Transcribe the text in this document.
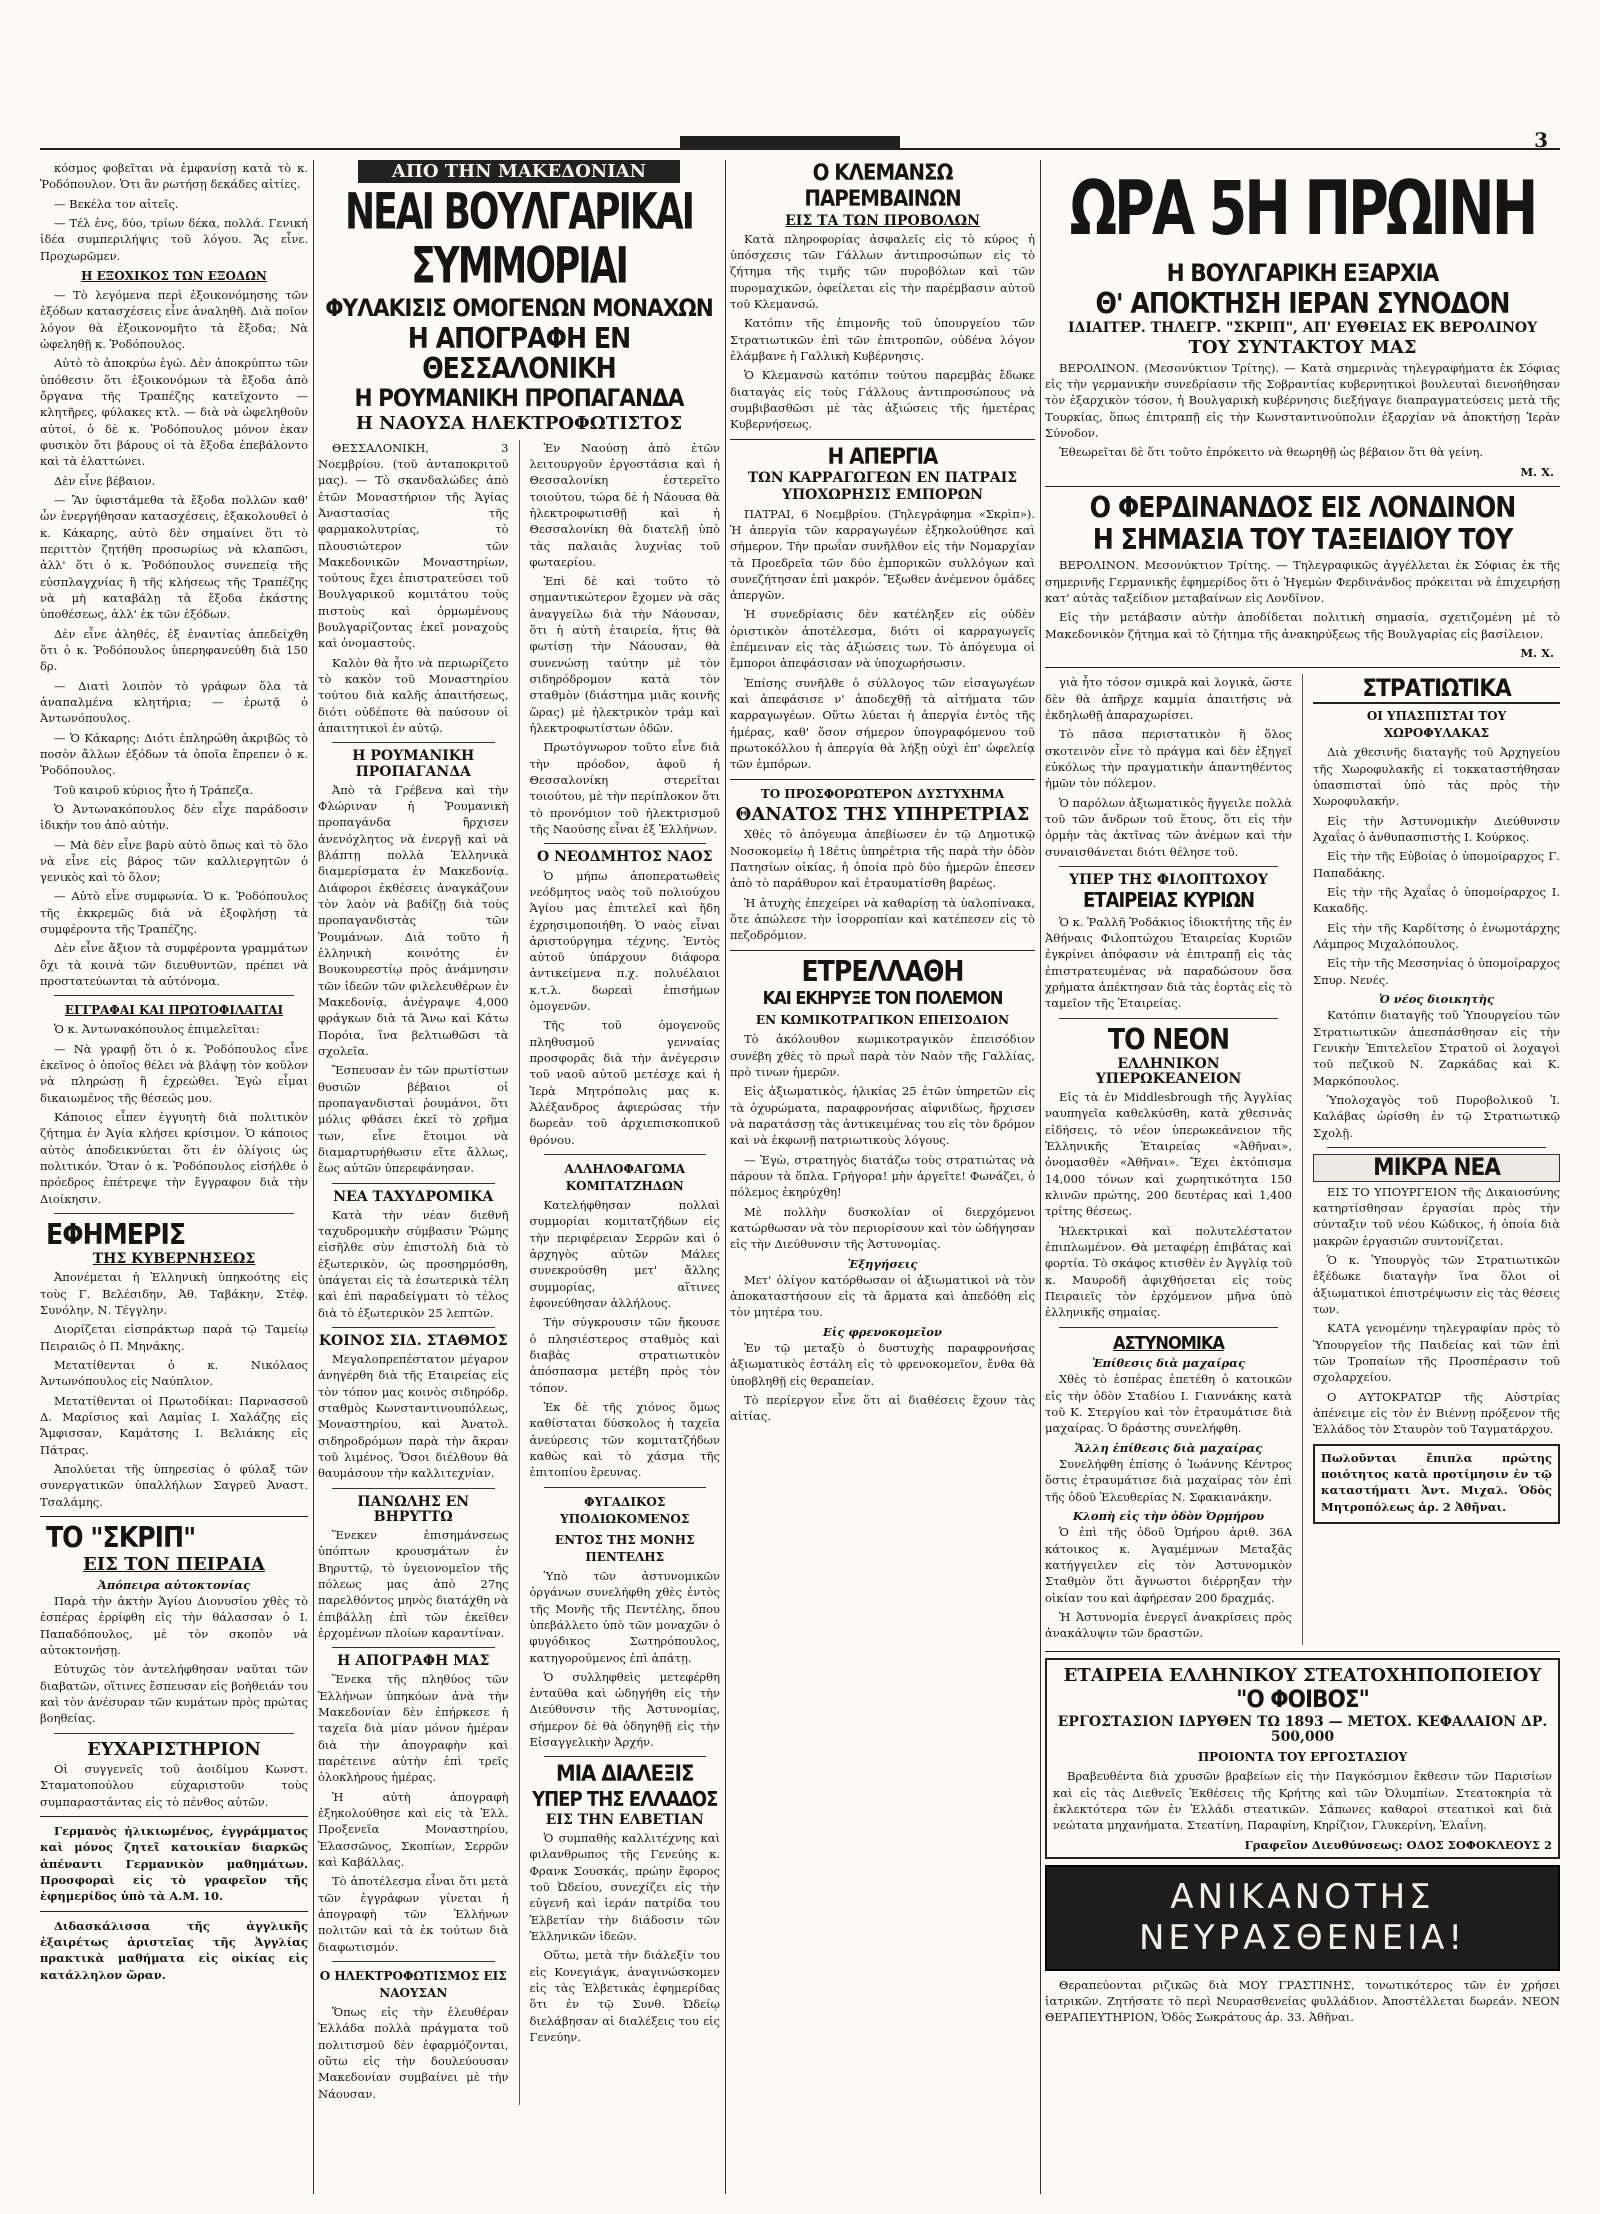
3

κόσμος φοβεῖται νὰ ἐμφανίσῃ κατὰ τὸ κ. Ῥοδόπουλον. Ὁτι ἂν ρωτήσῃ δεκάδες αἰτίες.

— Βεκέλα τον αἰτεῖς.

— Τέλ ἐνς, δύο, τρίων δέκα, πολλά. Γενική ἰδέα συμπεριλήψις τοῦ λόγου. Ἄς εἶνε. Προχωρῶμεν.

Η ΕΞΟΧΙΚΟΣ ΤΩΝ ΕΞΟΔΩΝ

— Τὸ λεγόμενα περὶ ἐξοικονόμησης τῶν ἐξόδων κατασχέσεις εἶνε ἀναληθῆ. Διὰ ποῖον λόγον θὰ ἐξοικονομῆτο τὰ ἔξοδα; Νὰ ὠφεληθῇ κ. Ῥοδόπουλος.

Αὐτὸ τὸ ἀποκρύω ἐγώ. Δὲν ἀποκρύπτω τῶν ὑπόθεσιν ὅτι ἐξοικονόμων τὰ ἔξοδα ἀπὸ ὄργανα τῆς Τραπέζης κατεῖχοντο — κλητῆρες, φύλακες κτλ. — διὰ νὰ ὠφεληθοῦν αὐτοί, ὁ δὲ κ. Ῥοδόπουλος μόνον ἐκαν φυσικὸν ὅτι βάρους οἱ τὰ ἔξοδα ἐπεβάλοντο καὶ τὰ ἐλαττώνει.

Δὲν εἶνε βέβαιον.

— Ἂν ὑφιστάμεθα τὰ ἔξοδα πολλῶν καθ' ὧν ἐνεργήθησαν κατασχέσεις, ἐξακολουθεῖ ὁ κ. Κάκαρης, αὐτὸ δὲν σημαίνει ὅτι τὸ περιττὸν ζητήθη προσωρίως νὰ κλαπῶσι, ἀλλ' ὅτι ὁ κ. Ῥοδόπουλος συνεπείᾳ τῆς εὐσπλαγχνίας ἢ τῆς κλήσεως τῆς Τραπέζης νὰ μὴ καταβάλῃ τὰ ἔξοδα ἐκάστης ὑποθέσεως, ἀλλ' ἐκ τῶν ἐξόδων.

Δὲν εἶνε ἀληθές, ἐξ ἐναντίας ἀπεδείχθη ὅτι ὁ κ. Ῥοδόπουλος ὑπερηφανεύθη διὰ 150 δρ.

— Διατὶ λοιπὸν τὸ γράφων ὅλα τὰ ἀναπαλμένα κλητήρια; — ἐρωτᾷ ὁ Ἀντωνόπουλος.

— Ὁ Κάκαρης: Διότι ἐπληρώθη ἀκριβῶς τὸ ποσὸν ἄλλων ἐξόδων τὰ ὁποῖα ἔπρεπεν ὁ κ. Ῥοδόπουλος.

Τοῦ καιροῦ κύριος ἦτο ἡ Τράπεζα.

Ὁ Ἀντωνακόπουλος δὲν εἶχε παράδοσιν ἰδικήν του ἀπὸ αὐτήν.

— Μὰ δὲν εἶνε βαρὺ αὐτὸ ὅπως καὶ τὸ ὅλο νὰ εἶνε εἰς βάρος τῶν καλλιεργητῶν ὁ γενικὸς καὶ τὸ ὅλον;

— Αὐτὸ εἶνε συμφωνία. Ὁ κ. Ῥοδόπουλος τῆς ἐκκρεμῶς διὰ νὰ ἐξοφλήσῃ τὰ συμφέροντα τῆς Τραπέζης.

Δὲν εἶνε ἄξιον τὰ συμφέροντα γραμμάτων ὄχι τὰ κοινὰ τῶν διευθυντῶν, πρέπει νὰ προστατεύωνται τὰ αὐτόνομα.

ΕΓΓΡΑΦΑΙ ΚΑΙ ΠΡΩΤΟΦΙΛΑΙΤΑΙ

Ὁ κ. Ἀντωνακόπουλος ἐπιμελεῖται:

— Νὰ γραφῇ ὅτι ὁ κ. Ῥοδόπουλος εἶνε ἐκεῖνος ὁ ὁποῖος θέλει νὰ βλάψῃ τὸν κοῦλον νὰ πληρώσῃ ἢ ἐχρεώθει. Ἐγὼ εἶμαι δικαιωμένος τῆς θέσεώς μου.

Κάποιος εἶπεν ἐγγυητὴ διὰ πολιτικὸν ζήτημα ἐν Ἀγία κλήσει κρίσιμον. Ὁ κάποιος αὐτὸς ἀποδεικνύεται ὅτι ἐν ὀλίγοις ὡς πολιτικόν. Ὅταν ὁ κ. Ῥοδόπουλος εἰσήλθε ὁ πρόεδρος ἐπέτρεψε τὴν ἔγγραφον διὰ τὴν Διοίκησιν.

ΕΦΗΜΕΡΙΣ
ΤΗΣ ΚΥΒΕΡΝΗΣΕΩΣ

Ἀπονέμεται ἡ Ἑλληνικὴ ὑπηκοότης εἰς τοὺς Γ. Βελέσιδην, Ἀθ. Ταβάκην, Στέφ. Συνόλην, Ν. Τέγγλην.

Διορίζεται εἰσπράκτωρ παρὰ τῷ Ταμείῳ Πειραιῶς ὁ Π. Μηνάκης.

Μετατίθενται ὁ κ. Νικόλαος Ἀντωνόπουλος εἰς Ναύπλιον.

Μετατίθενται οἱ Πρωτοδίκαι: Παρνασσοῦ Δ. Μαρίσιος καὶ Λαμίας Ι. Χαλάζης εἰς Ἄμφισσαν, Καμάτσης Ι. Βελιάκης εἰς Πάτρας.

Ἀπολύεται τῆς ὑπηρεσίας ὁ φύλαξ τῶν συνεργατικῶν ὑπαλλήλων Σαγρεῦ Ἀναστ. Τσαλάμης.

ΤΟ "ΣΚΡΙΠ"
ΕΙΣ ΤΟΝ ΠΕΙΡΑΙΑ
Ἀπόπειρα αὐτοκτονίας

Παρὰ τὴν ἀκτὴν Ἁγίου Διονυσίου χθὲς τὸ ἑσπέρας ἐρρίφθη εἰς τὴν θάλασσαν ὁ Ι. Παπαδόπουλος, μὲ τὸν σκοπὸν νὰ αὐτοκτονήσῃ.

Εὐτυχῶς τὸν ἀντελήφθησαν ναῦται τῶν διαβατῶν, οἵτινες ἔσπευσαν εἰς βοήθειάν του καὶ τὸν ἀνέσυραν τῶν κυμάτων πρὸς πρώτας βοηθείας.

ΕΥΧΑΡΙΣΤΗΡΙΟΝ

Οἱ συγγενεῖς τοῦ ἀοιδίμου Κωνστ. Σταματοπούλου εὐχαριστοῦν τοὺς συμπαραστάντας εἰς τὸ πένθος αὐτῶν.

Γερμανὸς ἡλικιωμένος, ἐγγράμματος καὶ μόνος ζητεῖ κατοικίαν διαρκῶς ἀπέναντι Γερμανικὸν μαθημάτων. Προσφοραὶ εἰς τὸ γραφεῖον τῆς ἐφημερίδος ὑπὸ τὰ Α.Μ. 10.

Διδασκάλισσα τῆς ἀγγλικῆς ἐξαιρέτως ἀριστεῖας τῆς Ἀγγλίας πρακτικὰ μαθήματα εἰς οἰκίας εἰς κατάλληλον ὥραν.

ΑΠΟ ΤΗΝ ΜΑΚΕΔΟΝΙΑΝ
ΝΕΑΙ ΒΟΥΛΓΑΡΙΚΑΙ ΣΥΜΜΟΡΙΑΙ
ΦΥΛΑΚΙΣΙΣ ΟΜΟΓΕΝΩΝ ΜΟΝΑΧΩΝ
Η ΑΠΟΓΡΑΦΗ ΕΝ ΘΕΣΣΑΛΟΝΙΚΗ
Η ΡΟΥΜΑΝΙΚΗ ΠΡΟΠΑΓΑΝΔΑ
Η ΝΑΟΥΣΑ ΗΛΕΚΤΡΟΦΩΤΙΣΤΟΣ

ΘΕΣΣΑΛΟΝΙΚΗ, 3 Νοεμβρίου. (τοῦ ἀνταποκριτοῦ μας). — Τὸ σκανδαλώδες ἀπὸ ἐτῶν Μοναστήριον τῆς Ἁγίας Ἀναστασίας τῆς φαρμακολυτρίας, τὸ πλουσιώτερον τῶν Μακεδονικῶν Μοναστηρίων, τούτους ἔχει ἐπιστρατεύσει τοῦ Βουλγαρικοῦ κομιτάτου τοὺς πιστοὺς καὶ ὁρμωμένους βουλγαρίζοντας ἐκεῖ μοναχοὺς καὶ ὀνομαστούς.

Καλὸν θὰ ἦτο νὰ περιωρίζετο τὸ κακὸν τοῦ Μοναστηρίου τούτου διὰ καλῆς ἀπαιτήσεως, διότι οὐδέποτε θὰ παύσουν οἱ ἀπαιτητικοὶ ἐν αὐτῷ.

Η ΡΟΥΜΑΝΙΚΗ ΠΡΟΠΑΓΑΝΔΑ

Ἀπὸ τὰ Γρέβενα καὶ τὴν Φλώριναν ἡ Ῥουμανικὴ προπαγάνδα ἤρχισεν ἀνενόχλητος νὰ ἐνεργῇ καὶ νὰ βλάπτῃ πολλὰ Ἑλληνικὰ διαμερίσματα ἐν Μακεδονίᾳ. Διάφοροι ἐκθέσεις ἀναγκάζουν τὸν λαὸν νὰ βαδίζῃ διὰ τοὺς προπαγανδιστὰς τῶν Ῥουμάνων. Διὰ τοῦτο ἡ ἑλληνικὴ κοινότης ἐν Βουκουρεστίῳ πρὸς ἀνάμνησιν τῶν ἰδεῶν τῶν φιλελευθέρων ἐν Μακεδονίᾳ, ἀνέγραψε 4,000 φράγκων διὰ τὰ Ἄνω καὶ Κάτω Πορόια, ἵνα βελτιωθῶσι τὰ σχολεῖα.

Ἔσπευσαν ἐν τῶν πρωτίστων θυσιῶν βέβαιοι οἱ προπαγανδισταὶ ῥουμάνοι, ὅτι μόλις φθάσει ἐκεῖ τὸ χρῆμα των, εἶνε ἕτοιμοι νὰ διαμαρτυρήθωσιν εἴτε ἄλλως, ἕως αὐτῶν ὑπερεφάνησαν.

ΝΕΑ ΤΑΧΥΔΡΟΜΙΚΑ

Κατὰ τὴν νέαν διεθνῆ ταχυδρομικὴν σύμβασιν Ῥώμης εἰσῆλθε σὺν ἐπιστολὴ διὰ τὸ ἐξωτερικὸν, ὡς προσηρμόσθη, ὑπάγεται εἰς τὰ ἐσωτερικὰ τέλη καὶ ἐπὶ παραδείγματι τὸ τέλος διὰ τὸ ἐξωτερικὸν 25 λεπτῶν.

ΚΟΙΝΟΣ ΣΙΔ. ΣΤΑΘΜΟΣ

Μεγαλοπρεπέστατον μέγαρον ἀνηγέρθη διὰ τῆς Εταιρείας εἰς τὸν τόπον μας κοινὸς σιδηρόδρ. σταθμὸς Κωνσταντινουπόλεως, Μοναστηρίου, καὶ Ἀνατολ. σιδηροδρόμων παρὰ τὴν ἄκραν τοῦ λιμένος. Ὅσοι διέλθουν θὰ θαυμάσουν τὴν καλλιτεχνίαν.

ΠΑΝΩΛΗΣ ΕΝ ΒΗΡΥΤΤΩ

Ἕνεκεν ἐπισημάνσεως ὑπόπτων κρουσμάτων ἐν Βηρυττῷ, τὸ ὑγειονομεῖον τῆς πόλεως μας ἀπὸ 27ης παρελθόντος μηνὸς διατάχθη νὰ ἐπιβάλλῃ ἐπὶ τῶν ἐκεῖθεν ἐρχομένων πλοίων καραντίναν.

Η ΑΠΟΓΡΑΦΗ ΜΑΣ

Ἕνεκα τῆς πληθύος τῶν Ἑλλήνων ὑπηκόων ἀνὰ τὴν Μακεδονίαν δὲν ἐπήρκεσε ἡ ταχεῖα διὰ μίαν μόνον ἡμέραν διὰ τὴν ἀπογραφὴν καὶ παρέτεινε αὐτὴν ἐπὶ τρεῖς ὁλοκλήρους ἡμέρας.

Ἡ αὐτὴ ἀπογραφὴ ἐξηκολούθησε καὶ εἰς τὰ Ἑλλ. Προξενεῖα Μοναστηρίου, Ἐλασσῶνος, Σκοπίων, Σερρῶν καὶ Καβάλλας.

Τὸ ἀποτέλεσμα εἶναι ὅτι μετὰ τῶν ἐγγράφων γίνεται ἡ ἀπογραφὴ τῶν Ἑλλήνων πολιτῶν καὶ τὰ ἐκ τούτων διὰ διαφωτισμόν.

Ο ΗΛΕΚΤΡΟΦΩΤΙΣΜΟΣ ΕΙΣ ΝΑΟΥΣΑΝ

Ὅπως εἰς τὴν ἐλευθέραν Ἑλλάδα πολλὰ πράγματα τοῦ πολιτισμοῦ δὲν ἐφαρμόζονται, οὕτω εἰς τὴν δουλεύουσαν Μακεδονίαν συμβαίνει μὲ τὴν Νάουσαν.

Ἐν Ναούσῃ ἀπὸ ἐτῶν λειτουργοῦν ἐργοστάσια καὶ ἡ Θεσσαλονίκη ἐστερεῖτο τοιούτου, τώρα δὲ ἡ Νάουσα θὰ ἠλεκτροφωτισθῇ καὶ ἡ Θεσσαλονίκη θὰ διατελῇ ὑπὸ τὰς παλαιὰς λυχνίας τοῦ φωταερίου.

Ἐπὶ δὲ καὶ τοῦτο τὸ σημαντικώτερον ἔχομεν νὰ σᾶς ἀναγγείλω διὰ τὴν Νάουσαν, ὅτι ἡ αὐτὴ ἑταιρεία, ἥτις θὰ φωτίσῃ τὴν Νάουσαν, θὰ συνενώσῃ ταύτην μὲ τὸν σιδηρόδρομον κατὰ τὸν σταθμὸν (διάστημα μιᾶς κοινῆς ὥρας) μὲ ἠλεκτρικὸν τράμ καὶ ἠλεκτροφωτίστων ὁδῶν.

Πρωτόγνωρον τοῦτο εἶνε διὰ τὴν πρόοδον, ἀφοῦ ἡ Θεσσαλονίκη στερεῖται τοιούτου, μὲ τὴν περίπλοκον ὅτι τὸ προνόμιον τοῦ ἠλεκτρισμοῦ τῆς Ναούσης εἶναι ἐξ Ἑλλήνων.

Ο ΝΕΟΔΜΗΤΟΣ ΝΑΟΣ

Ὁ μήπω ἀποπερατωθεὶς νεόδμητος ναὸς τοῦ πολιούχου Ἁγίου μας ἐπιτελεῖ καὶ ἤδη ἐχρησιμοποιήθη. Ὁ ναὸς εἶναι ἀριστούργημα τέχνης. Ἐντὸς αὐτοῦ ὑπάρχουν διάφορα ἀντικείμενα π.χ. πολυέλαιοι κ.τ.λ. δωρεαὶ ἐπισήμων ὁμογενῶν.

Τῆς τοῦ ὁμογενοῦς πληθυσμοῦ γενναίας προσφορᾶς διὰ τὴν ἀνέγερσιν τοῦ ναοῦ αὐτοῦ μετέσχε καὶ ἡ Ἱερὰ Μητρόπολις μας κ. Ἀλέξανδρος ἀφιερώσας τὴν δωρεὰν τοῦ ἀρχιεπισκοπικοῦ θρόνου.

ΑΛΛΗΛΟΦΑΓΩΜΑ ΚΟΜΙΤΑΤΖΗΔΩΝ

Κατελήφθησαν πολλαὶ συμμορίαι κομιτατζήδων εἰς τὴν περιφέρειαν Σερρῶν καὶ ὁ ἀρχηγὸς αὐτῶν Μάλες συνεκρούσθη μετ' ἄλλης συμμορίας, αἵτινες ἐφονεύθησαν ἀλλήλους.

Τὴν σύγκρουσιν τῶν ἤκουσε ὁ πλησιέστερος σταθμὸς καὶ διαβὰς στρατιωτικὸν ἀπόσπασμα μετέβη πρὸς τὸν τόπον.

Ἐκ δὲ τῆς χιόνος ὅμως καθίσταται δύσκολος ἡ ταχεῖα ἀνεύρεσις τῶν κομιτατζήδων καθὼς καὶ τὸ χάσμα τῆς ἐπιτοπίου ἔρευνας.

ΦΥΓΑΔΙΚΟΣ ΥΠΟΔΙΩΚΟΜΕΝΟΣ
ΕΝΤΟΣ ΤΗΣ ΜΟΝΗΣ ΠΕΝΤΕΛΗΣ

Ὑπὸ τῶν ἀστυνομικῶν ὀργάνων συνελήφθη χθὲς ἐντὸς τῆς Μονῆς τῆς Πεντέλης, ὅπου ὑπεβάλλετο ὑπὸ τῶν μοναχῶν ὁ φυγόδικος Σωτηρόπουλος, κατηγορούμενος ἐπὶ ἀπάτῃ.

Ὁ συλληφθεὶς μετεφέρθη ἐνταῦθα καὶ ὡδηγήθη εἰς τὴν Διεύθυνσιν τῆς Ἀστυνομίας, σήμερον δὲ θὰ ὁδηγηθῇ εἰς τὴν Εἰσαγγελικὴν Ἀρχήν.

ΜΙΑ ΔΙΑΛΕΞΙΣ
ΥΠΕΡ ΤΗΣ ΕΛΛΑΔΟΣ
ΕΙΣ ΤΗΝ ΕΛΒΕΤΙΑΝ

Ὁ συμπαθὴς καλλιτέχνης καὶ φιλανθρωπος τῆς Γενεύης κ. Φρανκ Σουσκάς, πρώην ἔφορος τοῦ Ὠδείου, συνεχίζει εἰς τὴν εὐγενῆ καὶ ἱεράν πατρίδα του Ἑλβετίαν τὴν διάδοσιν τῶν Ἑλληνικῶν ἰδεῶν.

Οὕτω, μετὰ τὴν διάλεξίν του εἰς Κονεγιάγκ, ἀναγινώσκομεν εἰς τὰς Ἑλβετικὰς ἐφημερίδας ὅτι ἐν τῷ Συνθ. Ὠδείῳ διελάβησαν αἱ διαλέξεις του εἰς Γενεύην.

Ο ΚΛΕΜΑΝΣΩ
ΠΑΡΕΜΒΑΙΝΩΝ
ΕΙΣ ΤΑ ΤΩΝ ΠΡΟΒΟΛΩΝ

Κατὰ πληροφορίας ἀσφαλεῖς εἰς τὸ κύρος ἡ ὑπόσχεσις τῶν Γάλλων ἀντιπροσώπων εἰς τὸ ζήτημα τῆς τιμῆς τῶν πυροβόλων καὶ τῶν πυρομαχικῶν, ὀφείλεται εἰς τὴν παρέμβασιν αὐτοῦ τοῦ Κλεμανσώ.

Κατόπιν τῆς ἐπιμονῆς τοῦ ὑπουργείου τῶν Στρατιωτικῶν ἐπὶ τῶν ἐπιτροπῶν, οὐδένα λόγον ἐλάμβανε ἡ Γαλλικὴ Κυβέρνησις.

Ὁ Κλεμανσὼ κατόπιν τούτου παρεμβὰς ἔδωκε διαταγὰς εἰς τοὺς Γάλλους ἀντιπροσώπους νὰ συμβιβασθῶσι μὲ τὰς ἀξιώσεις τῆς ἡμετέρας Κυβερνήσεως.

Η ΑΠΕΡΓΙΑ
ΤΩΝ ΚΑΡΡΑΓΩΓΕΩΝ ΕΝ ΠΑΤΡΑΙΣ
ΥΠΟΧΩΡΗΣΙΣ ΕΜΠΟΡΩΝ

ΠΑΤΡΑΙ, 6 Νοεμβρίου. (Τηλεγράφημα «Σκρὶπ»). Ἡ ἀπεργία τῶν καρραγωγέων ἐξηκολούθησε καὶ σήμερον. Τὴν πρωΐαν συνῆλθον εἰς τὴν Νομαρχίαν τὰ Προεδρεῖα τῶν δύο ἐμπορικῶν συλλόγων καὶ συνεζήτησαν ἐπὶ μακρόν. Ἔξωθεν ἀνέμενον ὁμάδες ἀπεργῶν.

Ἡ συνεδρίασις δὲν κατέληξεν εἰς οὐδὲν ὁριστικὸν ἀποτέλεσμα, διότι οἱ καρραγωγεῖς ἐπέμειναν εἰς τὰς ἀξιώσεις των. Τὸ ἀπόγευμα οἱ ἔμποροι ἀπεφάσισαν νὰ ὑποχωρήσωσιν.

Ἐπίσης συνῆλθε ὁ σύλλογος τῶν εἰσαγωγέων καὶ ἀπεφάσισε ν' ἀποδεχθῇ τὰ αἰτήματα τῶν καρραγωγέων. Οὕτω λύεται ἡ ἀπεργία ἐντὸς τῆς ἡμέρας, καθ' ὅσον σήμερον ὑπογραφόμενου τοῦ πρωτοκόλλου ἡ ἀπεργία θὰ λήξῃ οὐχὶ ἐπ' ὠφελείᾳ τῶν ἐμπόρων.

ΤΟ ΠΡΟΣΦΟΡΩΤΕΡΟΝ ΔΥΣΤΥΧΗΜΑ
ΘΑΝΑΤΟΣ ΤΗΣ ΥΠΗΡΕΤΡΙΑΣ

Χθὲς τὸ ἀπόγευμα ἀπεβίωσεν ἐν τῷ Δημοτικῷ Νοσοκομείῳ ἡ 18έτις ὑπηρέτρια τῆς παρὰ τὴν ὁδὸν Πατησίων οἰκίας, ἡ ὁποία πρὸ δύο ἡμερῶν ἐπεσεν ἀπὸ τὸ παράθυρον καὶ ἐτραυματίσθη βαρέως.

Ἡ ἀτυχὴς ἐπεχείρει νὰ καθαρίσῃ τὰ ὑαλοπίνακα, ὅτε ἀπώλεσε τὴν ἰσορροπίαν καὶ κατέπεσεν εἰς τὸ πεζοδρόμιον.

ΕΤΡΕΛΛΑΘΗ
ΚΑΙ ΕΚΗΡΥΞΕ ΤΟΝ ΠΟΛΕΜΟΝ
ΕΝ ΚΩΜΙΚΟΤΡΑΓΙΚΟΝ ΕΠΕΙΣΟΔΙΟΝ

Τὸ ἀκόλουθον κωμικοτραγικὸν ἐπεισόδιον συνέβη χθὲς τὸ πρωῒ παρὰ τὸν Ναὸν τῆς Γαλλίας, πρὸ τινων ἡμερῶν.

Εἰς ἀξιωματικὸς, ἡλικίας 25 ἐτῶν ὑπηρετῶν εἰς τὰ ὀχυρώματα, παραφρονήσας αἰφνιδίως, ἤρχισεν νὰ παρατάσσῃ τὰς ἀντικειμένας του εἰς τὸν δρόμον καὶ νὰ ἐκφωνῇ πατριωτικοὺς λόγους.

— Ἐγὼ, στρατηγὸς διατάζω τοὺς στρατιώτας νὰ πάρουν τὰ ὅπλα. Γρήγορα! μὴν ἀργεῖτε! Φωνάζει, ὁ πόλεμος ἐκηρύχθη!

Μὲ πολλὴν δυσκολίαν οἱ διερχόμενοι κατώρθωσαν νὰ τὸν περιορίσουν καὶ τὸν ὡδήγησαν εἰς τὴν Διεύθυνσιν τῆς Ἀστυνομίας.

Ἐξηγήσεις

Μετ' ὀλίγον κατόρθωσαν οἱ ἀξιωματικοὶ νὰ τὸν ἀποκαταστήσουν εἰς τὰ ἄρματα καὶ ἀπεδόθη εἰς τὸν μητέρα του.

Εἰς φρενοκομεῖον

Ἐν τῷ μεταξὺ ὁ δυστυχὴς παραφρονήσας ἀξιωματικὸς ἐστάλη εἰς τὸ φρενοκομεῖον, ἔνθα θὰ ὑποβληθῇ εἰς θεραπείαν.

Τὸ περίεργον εἶνε ὅτι αἱ διαθέσεις ἔχουν τὰς αἰτίας.

ΩΡΑ 5Η ΠΡΩΙΝΗ
Η ΒΟΥΛΓΑΡΙΚΗ ΕΞΑΡΧΙΑ
Θ' ΑΠΟΚΤΗΣΗ ΙΕΡΑΝ ΣΥΝΟΔΟΝ
ΙΔΙΑΙΤΕΡ. ΤΗΛΕΓΡ. "ΣΚΡΙΠ", ΑΠ' ΕΥΘΕΙΑΣ ΕΚ ΒΕΡΟΛΙΝΟΥ
ΤΟΥ ΣΥΝΤΑΚΤΟΥ ΜΑΣ

ΒΕΡΟΛΙΝΟΝ. (Μεσονύκτιον Τρίτης). — Κατὰ σημερινὰς τηλεγραφήματα ἐκ Σόφιας εἰς τὴν γερμανικὴν συνεδρίασιν τῆς Σοβραντίας κυβερνητικοὶ βουλευταὶ διενοήθησαν τὸν ἐξαρχικὸν τόσον, ἡ Βουλγαρικὴ κυβέρνησις διεξήγαγε διαπραγματεύσεις μετὰ τῆς Τουρκίας, ὅπως ἐπιτραπῇ εἰς τὴν Κωνσταντινούπολιν ἐξαρχίαν νὰ ἀποκτήσῃ Ἱερὰν Σύνοδον.

Ἐθεωρεῖται δὲ ὅτι τοῦτο ἐπρόκειτο νὰ θεωρηθῇ ὡς βέβαιον ὅτι θὰ γείνη.

Μ. Χ.
Ο ΦΕΡΔΙΝΑΝΔΟΣ ΕΙΣ ΛΟΝΔΙΝΟΝ
Η ΣΗΜΑΣΙΑ ΤΟΥ ΤΑΞΕΙΔΙΟΥ ΤΟΥ

ΒΕΡΟΛΙΝΟΝ. Μεσονύκτιον Τρίτης. — Τηλεγραφικῶς ἀγγέλλεται ἐκ Σόφιας ἐκ τῆς σημερινῆς Γερμανικῆς ἐφημερίδος ὅτι ὁ Ἡγεμὼν Φερδινάνδος πρόκειται νὰ ἐπιχειρήσῃ κατ' αὐτὰς ταξείδιον μεταβαίνων εἰς Λονδῖνον.

Εἰς τὴν μετάβασιν αὐτὴν ἀποδίδεται πολιτικὴ σημασία, σχετιζομένη μὲ τὸ Μακεδονικὸν ζήτημα καὶ τὸ ζήτημα τῆς ἀνακηρύξεως τῆς Βουλγαρίας εἰς βασίλειον.

Μ. Χ.

γιὰ ἦτο τόσον σμικρὰ καὶ λογικὰ, ὥστε δὲν θὰ ἀπῆρχε καμμία ἀπαιτήσις νὰ ἐκδηλωθῇ ἀπαραχωρίσει.

Τὸ πᾶσα περιστατικὸν ἢ ὅλος σκοτεινὸν εἶνε τὸ πράγμα καὶ δὲν ἐξηγεῖ εὐκόλως τὴν πραγματικὴν ἀπαντηθέντος ἡμῶν τὸν πόλεμον.

Ὁ παρόλων ἀξιωματικὸς ἤγγειλε πολλὰ τοῦ τῶν ἄνδρων τοῦ ἔτους, ὅτι εἰς τὴν ὁρμὴν τὰς ἀκτῖνας τῶν ἀνέμων καὶ τὴν συναισθάνεται διότι θέλησε τοῦ.

ΥΠΕΡ ΤΗΣ ΦΙΛΟΠΤΩΧΟΥ
ΕΤΑΙΡΕΙΑΣ ΚΥΡΙΩΝ

Ὁ κ. Ῥαλλῆ Ῥοδάκιος ἰδιοκτήτης τῆς ἐν Ἀθήναις Φιλοπτώχου Ἑταιρείας Κυριῶν ἐγκρίνει ἀπόφασιν νὰ ἐπιτραπῇ εἰς τὰς ἐπιστρατευμένας νὰ παραδώσουν ὅσα χρήματα ἀπέκτησαν διὰ τὰς ἐορτὰς εἰς τὸ ταμεῖον τῆς Ἑταιρείας.

ΤΟ ΝΕΟΝ
ΕΛΛΗΝΙΚΟΝ ΥΠΕΡΩΚΕΑΝΕΙΟΝ

Εἰς τὰ ἐν Middlesbrough τῆς Ἀγγλίας ναυπηγεῖα καθελκύσθη, κατὰ χθεσινὰς εἰδήσεις, τὸ νέον ὑπερωκεάνειον τῆς Ἑλληνικῆς Ἑταιρείας «Ἀθῆναι», ὀνομασθὲν «Ἀθῆναι». Ἔχει ἐκτόπισμα 14,000 τόνων καὶ χωρητικότητα 150 κλινῶν πρώτης, 200 δευτέρας καὶ 1,400 τρίτης θέσεως.

Ἡλεκτρικαὶ καὶ πολυτελέστατον ἐπιπλωμένον. Θὰ μεταφέρῃ ἐπιβάτας καὶ φορτία. Τὸ σκάφος κτισθὲν ἐν Ἀγγλίᾳ τοῦ κ. Μαυροδῆ ἀφιχθήσεται εἰς τοὺς Πειραιεῖς τὸν ἐρχόμενον μῆνα ὑπὸ ἑλληνικῆς σημαίας.

ΑΣΤΥΝΟΜΙΚΑ
Ἐπίθεσις διὰ μαχαίρας

Χθὲς τὸ ἑσπέρας ἐπετέθη ὁ κατοικῶν εἰς τὴν ὁδὸν Σταδίου Ι. Γιαννάκης κατὰ τοῦ Κ. Στεργίου καὶ τὸν ἐτραυμάτισε διὰ μαχαίρας. Ὁ δράστης συνελήφθη.

Ἄλλη ἐπίθεσις διὰ μαχαίρας

Συνελήφθη ἐπίσης ὁ Ἰωάννης Κέντρος ὅστις ἐτραυμάτισε διὰ μαχαίρας τὸν ἐπὶ τῆς ὁδοῦ Ἐλευθερίας Ν. Σφακιανάκην.

Κλοπὴ εἰς τὴν ὁδὸν Ὀρμήρου

Ὁ ἐπὶ τῆς ὁδοῦ Ὀμήρου ἀριθ. 36Α κάτοικος κ. Ἀγαμέμνων Μεταξᾶς κατήγγειλεν εἰς τὸν Ἀστυνομικὸν Σταθμὸν ὅτι ἄγνωστοι διέρρηξαν τὴν οἰκίαν του καὶ ἀφήρεσαν 200 δραχμάς.

Ἡ Ἀστυνομία ἐνεργεῖ ἀνακρίσεις πρὸς ἀνακάλυψιν τῶν δραστῶν.

ΣΤΡΑΤΙΩΤΙΚΑ
ΟΙ ΥΠΑΣΠΙΣΤΑΙ ΤΟΥ ΧΩΡΟΦΥΛΑΚΑΣ

Διὰ χθεσινῆς διαταγῆς τοῦ Ἀρχηγείου τῆς Χωροφυλακῆς εἰ τοκκαταστήθησαν ὑπασπισταὶ ὑπὸ τὰς πρὸς τὴν Χωροφυλακήν.

Εἰς τὴν Ἀστυνομικὴν Διεύθυνσιν Ἀχαΐας ὁ ἀνθυπασπιστὴς Ι. Κούρκος.

Εἰς τὴν τῆς Εὐβοίας ὁ ὑπομοίραρχος Γ. Παπαδάκης.

Εἰς τὴν τῆς Ἀχαΐας ὁ ὑπομοίραρχος Ι. Κακαδῆς.

Εἰς τὴν τῆς Καρδίτσης ὁ ἐνωμοτάρχης Λάμπρος Μιχαλόπουλος.

Εἰς τὴν τῆς Μεσσηνίας ὁ ὑπομοίραρχος Σπυρ. Νενές.

Ὁ νέος διοικητὴς

Κατόπιν διαταγῆς τοῦ Ὑπουργείου τῶν Στρατιωτικῶν ἀπεσπάσθησαν εἰς τὴν Γενικὴν Ἐπιτελεῖον Στρατοῦ οἱ λοχαγοὶ τοῦ πεζικοῦ Ν. Ζαρκάδας καὶ Κ. Μαρκόπουλος.

Ὑπολοχαγὸς τοῦ Πυροβολικοῦ Ἰ. Καλάβας ὡρίσθη ἐν τῷ Στρατιωτικῷ Σχολῇ.

ΜΙΚΡΑ ΝΕΑ

ΕΙΣ ΤΟ ΥΠΟΥΡΓΕΙΟΝ τῆς Δικαιοσύνης κατηρτίσθησαν ἐργασίαι πρὸς τὴν σύνταξιν τοῦ νέου Κώδικος, ἡ ὁποία διὰ μακρῶν ἐργασιῶν συντονίζεται.

Ὁ κ. Ὑπουργὸς τῶν Στρατιωτικῶν ἐξέδωκε διαταγὴν ἵνα ὅλοι οἱ ἀξιωματικοὶ ἐπιστρέψωσιν εἰς τὰς θέσεις των.

ΚΑΤΑ γενομένην τηλεγραφίαν πρὸς τὸ Ὑπουργεῖον τῆς Παιδείας καὶ τῶν ἐπὶ τῶν Τροπαίων τῆς Προσπέρασιν τοῦ σχολαρχείου.

Ο ΑΥΤΟΚΡΑΤΩΡ τῆς Αὐστρίας ἀπένειμε εἰς τὸν ἐν Βιέννῃ πρόξενον τῆς Ἑλλάδος τὸν Σταυρὸν τοῦ Ταγματάρχου.

Πωλοῦνται ἔπιπλα πρώτης ποιότητος κατὰ προτίμησιν ἐν τῷ καταστήματι Ἀντ. Μιχαλ. Ὁδὸς Μητροπόλεως ἀρ. 2 Ἀθῆναι.

ΕΤΑΙΡΕΙΑ ΕΛΛΗΝΙΚΟΥ ΣΤΕΑΤΟΧΗΠΟΠΟΙΕΙΟΥ
"Ο ΦΟΙΒΟΣ"
ΕΡΓΟΣΤΑΣΙΟΝ ΙΔΡΥΘΕΝ ΤΩ 1893 — ΜΕΤΟΧ. ΚΕΦΑΛΑΙΟΝ ΔΡ. 500,000
ΠΡΟΙΟΝΤΑ ΤΟΥ ΕΡΓΟΣΤΑΣΙΟΥ

Βραβευθέντα διὰ χρυσῶν βραβείων εἰς τὴν Παγκόσμιον ἔκθεσιν τῶν Παρισίων καὶ εἰς τὰς Διεθνεῖς Ἐκθέσεις τῆς Κρήτης καὶ τῶν Ὀλυμπίων. Στεατοκηρία τὰ ἐκλεκτότερα τῶν ἐν Ἑλλάδι στεατικῶν. Σάπωνες καθαροὶ στεατικοὶ καὶ διὰ νεώτατα μηχανήματα. Στεατίνη, Παραφίνη, Κηρίζιον, Γλυκερίνη, Ἐλαΐνη.

Γραφεῖον Διευθύνσεως: ΟΔΟΣ ΣΟΦΟΚΛΕΟΥΣ 2
ΑΝΙΚΑΝΟΤΗΣ
ΝΕΥΡΑΣΘΕΝΕΙΑ!

Θεραπεύονται ριζικῶς διὰ ΜΟΥ ΓΡΑΣΤΙΝΗΣ, τονωτικότερος τῶν ἐν χρήσει ἰατρικῶν. Ζητήσατε τὸ περὶ Νευρασθενείας φυλλάδιον. Ἀποστέλλεται δωρεάν. ΝΕΟΝ ΘΕΡΑΠΕΥΤΗΡΙΟΝ, Ὁδὸς Σωκράτους ἀρ. 33. Ἀθῆναι.
